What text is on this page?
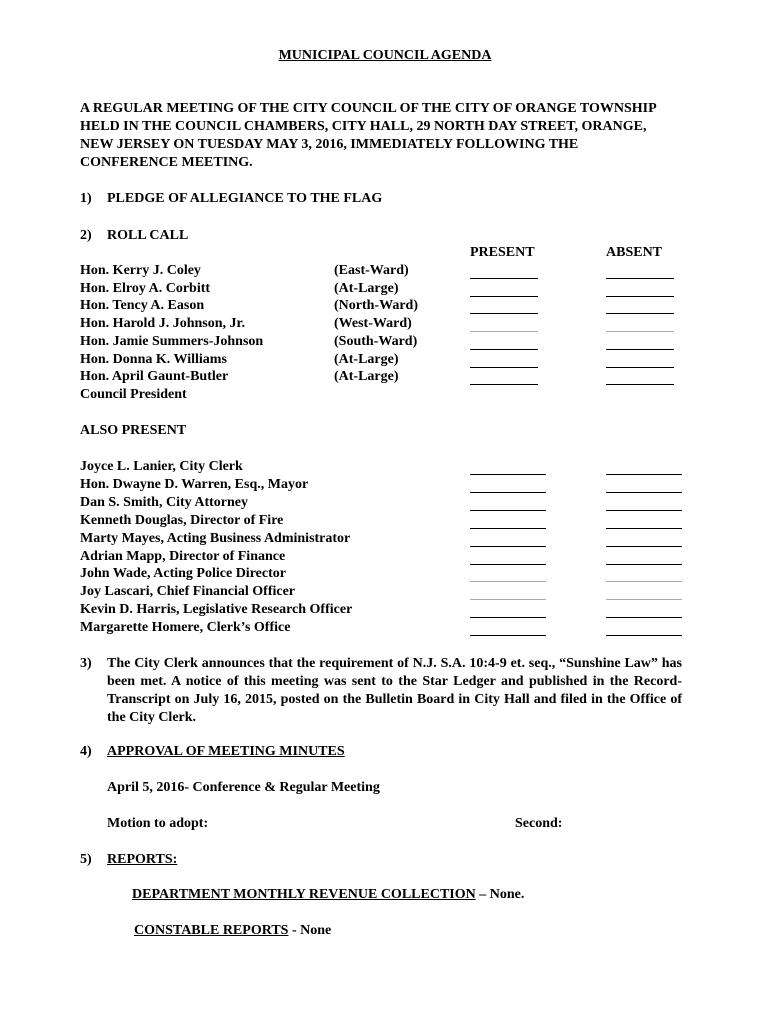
MUNICIPAL COUNCIL AGENDA
A REGULAR MEETING OF THE CITY COUNCIL OF THE CITY OF ORANGE TOWNSHIP
HELD IN THE COUNCIL CHAMBERS, CITY HALL, 29 NORTH DAY STREET, ORANGE,
NEW JERSEY ON TUESDAY MAY 3, 2016, IMMEDIATELY FOLLOWING THE
CONFERENCE MEETING.
1) PLEDGE OF ALLEGIANCE TO THE FLAG
2) ROLL CALL
PRESENT	ABSENT
Hon. Kerry J. Coley	(East-Ward)
Hon. Elroy A. Corbitt	(At-Large)
Hon. Tency A. Eason	(North-Ward)
Hon. Harold J. Johnson, Jr.	(West-Ward)
Hon. Jamie Summers-Johnson	(South-Ward)
Hon. Donna K. Williams	(At-Large)
Hon. April Gaunt-Butler	(At-Large)
Council President
ALSO PRESENT
Joyce L. Lanier, City Clerk
Hon. Dwayne D. Warren, Esq., Mayor
Dan S. Smith, City Attorney
Kenneth Douglas, Director of Fire
Marty Mayes, Acting Business Administrator
Adrian Mapp, Director of Finance
John Wade, Acting Police Director
Joy Lascari, Chief Financial Officer
Kevin D. Harris, Legislative Research Officer
Margarette Homere, Clerk’s Office
3) The City Clerk announces that the requirement of N.J. S.A. 10:4-9 et. seq., “Sunshine Law” has been met. A notice of this meeting was sent to the Star Ledger and published in the Record-Transcript on July 16, 2015, posted on the Bulletin Board in City Hall and filed in the Office of the City Clerk.
4) APPROVAL OF MEETING MINUTES
April 5, 2016- Conference & Regular Meeting
Motion to adopt:	Second:
5) REPORTS:
DEPARTMENT MONTHLY REVENUE COLLECTION – None.
CONSTABLE REPORTS - None
